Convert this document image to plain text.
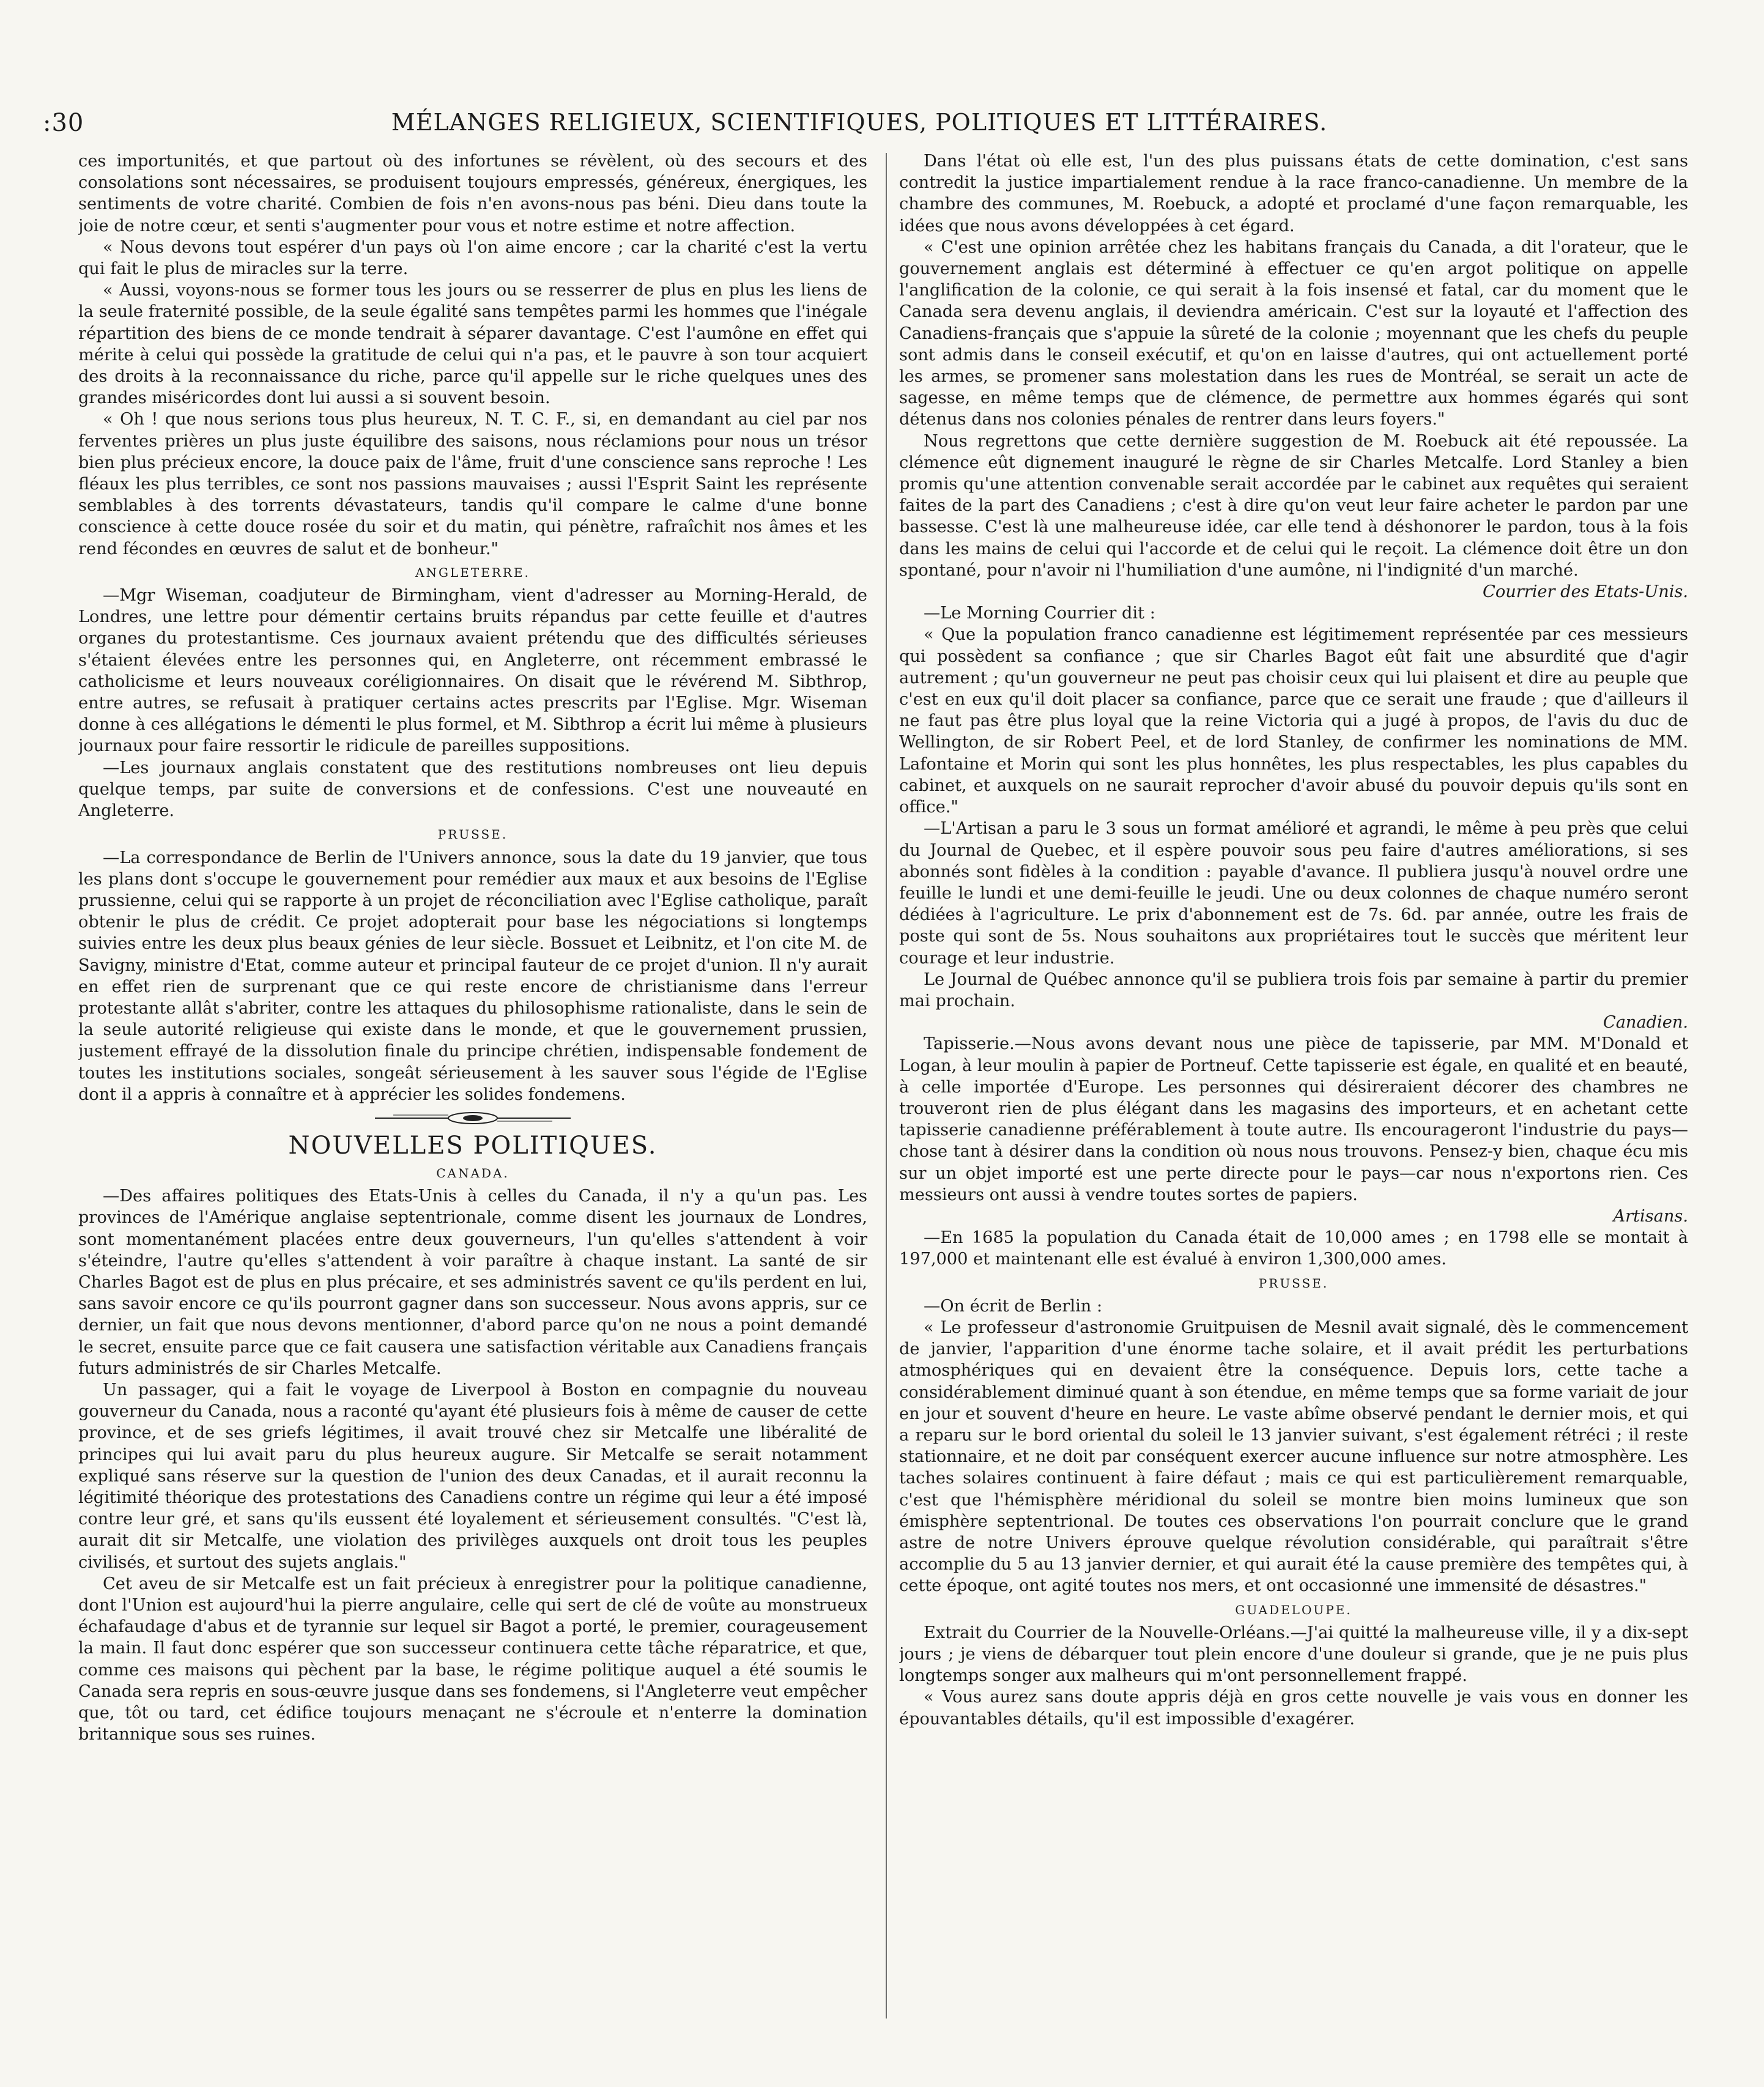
:30	MÉLANGES RELIGIEUX, SCIENTIFIQUES, POLITIQUES ET LITTÉRAIRES.

ces importunités, et que partout où des infortunes se révèlent, où des secours et des consolations sont nécessaires, se produisent toujours empressés, généreux, énergiques, les sentiments de votre charité. Combien de fois n'en avons-nous pas béni. Dieu dans toute la joie de notre cœur, et senti s'augmenter pour vous et notre estime et notre affection.

« Nous devons tout espérer d'un pays où l'on aime encore ; car la charité c'est la vertu qui fait le plus de miracles sur la terre.

« Aussi, voyons-nous se former tous les jours ou se resserrer de plus en plus les liens de la seule fraternité possible, de la seule égalité sans tempêtes parmi les hommes que l'inégale répartition des biens de ce monde tendrait à séparer davantage. C'est l'aumône en effet qui mérite à celui qui possède la gratitude de celui qui n'a pas, et le pauvre à son tour acquiert des droits à la reconnaissance du riche, parce qu'il appelle sur le riche quelques unes des grandes miséricordes dont lui aussi a si souvent besoin.

« Oh ! que nous serions tous plus heureux, N. T. C. F., si, en demandant au ciel par nos ferventes prières un plus juste équilibre des saisons, nous réclamions pour nous un trésor bien plus précieux encore, la douce paix de l'âme, fruit d'une conscience sans reproche ! Les fléaux les plus terribles, ce sont nos passions mauvaises ; aussi l'Esprit Saint les représente semblables à des torrents dévastateurs, tandis qu'il compare le calme d'une bonne conscience à cette douce rosée du soir et du matin, qui pénètre, rafraîchit nos âmes et les rend fécondes en œuvres de salut et de bonheur."

ANGLETERRE.

—Mgr Wiseman, coadjuteur de Birmingham, vient d'adresser au Morning-Herald, de Londres, une lettre pour démentir certains bruits répandus par cette feuille et d'autres organes du protestantisme. Ces journaux avaient prétendu que des difficultés sérieuses s'étaient élevées entre les personnes qui, en Angleterre, ont récemment embrassé le catholicisme et leurs nouveaux coréligionnaires. On disait que le révérend M. Sibthrop, entre autres, se refusait à pratiquer certains actes prescrits par l'Eglise. Mgr. Wiseman donne à ces allégations le démenti le plus formel, et M. Sibthrop a écrit lui même à plusieurs journaux pour faire ressortir le ridicule de pareilles suppositions.

—Les journaux anglais constatent que des restitutions nombreuses ont lieu depuis quelque temps, par suite de conversions et de confessions. C'est une nouveauté en Angleterre.

PRUSSE.

—La correspondance de Berlin de l'Univers annonce, sous la date du 19 janvier, que tous les plans dont s'occupe le gouvernement pour remédier aux maux et aux besoins de l'Eglise prussienne, celui qui se rapporte à un projet de réconciliation avec l'Eglise catholique, paraît obtenir le plus de crédit. Ce projet adopterait pour base les négociations si longtemps suivies entre les deux plus beaux génies de leur siècle. Bossuet et Leibnitz, et l'on cite M. de Savigny, ministre d'Etat, comme auteur et principal fauteur de ce projet d'union. Il n'y aurait en effet rien de surprenant que ce qui reste encore de christianisme dans l'erreur protestante allât s'abriter, contre les attaques du philosophisme rationaliste, dans le sein de la seule autorité religieuse qui existe dans le monde, et que le gouvernement prussien, justement effrayé de la dissolution finale du principe chrétien, indispensable fondement de toutes les institutions sociales, songeât sérieusement à les sauver sous l'égide de l'Eglise dont il a appris à connaître et à apprécier les solides fondemens.

NOUVELLES POLITIQUES.
CANADA.

—Des affaires politiques des Etats-Unis à celles du Canada, il n'y a qu'un pas. Les provinces de l'Amérique anglaise septentrionale, comme disent les journaux de Londres, sont momentanément placées entre deux gouverneurs, l'un qu'elles s'attendent à voir s'éteindre, l'autre qu'elles s'attendent à voir paraître à chaque instant. La santé de sir Charles Bagot est de plus en plus précaire, et ses administrés savent ce qu'ils perdent en lui, sans savoir encore ce qu'ils pourront gagner dans son successeur. Nous avons appris, sur ce dernier, un fait que nous devons mentionner, d'abord parce qu'on ne nous a point demandé le secret, ensuite parce que ce fait causera une satisfaction véritable aux Canadiens français futurs administrés de sir Charles Metcalfe.

Un passager, qui a fait le voyage de Liverpool à Boston en compagnie du nouveau gouverneur du Canada, nous a raconté qu'ayant été plusieurs fois à même de causer de cette province, et de ses griefs légitimes, il avait trouvé chez sir Metcalfe une libéralité de principes qui lui avait paru du plus heureux augure. Sir Metcalfe se serait notamment expliqué sans réserve sur la question de l'union des deux Canadas, et il aurait reconnu la légitimité théorique des protestations des Canadiens contre un régime qui leur a été imposé contre leur gré, et sans qu'ils eussent été loyalement et sérieusement consultés. "C'est là, aurait dit sir Metcalfe, une violation des privilèges auxquels ont droit tous les peuples civilisés, et surtout des sujets anglais."

Cet aveu de sir Metcalfe est un fait précieux à enregistrer pour la politique canadienne, dont l'Union est aujourd'hui la pierre angulaire, celle qui sert de clé de voûte au monstrueux échafaudage d'abus et de tyrannie sur lequel sir Bagot a porté, le premier, courageusement la main. Il faut donc espérer que son successeur continuera cette tâche réparatrice, et que, comme ces maisons qui pèchent par la base, le régime politique auquel a été soumis le Canada sera repris en sous-œuvre jusque dans ses fondemens, si l'Angleterre veut empêcher que, tôt ou tard, cet édifice toujours menaçant ne s'écroule et n'enterre la domination britannique sous ses ruines.

Dans l'état où elle est, l'un des plus puissans états de cette domination, c'est sans contredit la justice impartialement rendue à la race franco-canadienne. Un membre de la chambre des communes, M. Roebuck, a adopté et proclamé d'une façon remarquable, les idées que nous avons développées à cet égard.

« C'est une opinion arrêtée chez les habitans français du Canada, a dit l'orateur, que le gouvernement anglais est déterminé à effectuer ce qu'en argot politique on appelle l'anglification de la colonie, ce qui serait à la fois insensé et fatal, car du moment que le Canada sera devenu anglais, il deviendra américain. C'est sur la loyauté et l'affection des Canadiens-français que s'appuie la sûreté de la colonie ; moyennant que les chefs du peuple sont admis dans le conseil exécutif, et qu'on en laisse d'autres, qui ont actuellement porté les armes, se promener sans molestation dans les rues de Montréal, se serait un acte de sagesse, en même temps que de clémence, de permettre aux hommes égarés qui sont détenus dans nos colonies pénales de rentrer dans leurs foyers."

Nous regrettons que cette dernière suggestion de M. Roebuck ait été repoussée. La clémence eût dignement inauguré le règne de sir Charles Metcalfe. Lord Stanley a bien promis qu'une attention convenable serait accordée par le cabinet aux requêtes qui seraient faites de la part des Canadiens ; c'est à dire qu'on veut leur faire acheter le pardon par une bassesse. C'est là une malheureuse idée, car elle tend à déshonorer le pardon, tous à la fois dans les mains de celui qui l'accorde et de celui qui le reçoit. La clémence doit être un don spontané, pour n'avoir ni l'humiliation d'une aumône, ni l'indignité d'un marché.

Courrier des Etats-Unis.

—Le Morning Courrier dit :

« Que la population franco canadienne est légitimement représentée par ces messieurs qui possèdent sa confiance ; que sir Charles Bagot eût fait une absurdité que d'agir autrement ; qu'un gouverneur ne peut pas choisir ceux qui lui plaisent et dire au peuple que c'est en eux qu'il doit placer sa confiance, parce que ce serait une fraude ; que d'ailleurs il ne faut pas être plus loyal que la reine Victoria qui a jugé à propos, de l'avis du duc de Wellington, de sir Robert Peel, et de lord Stanley, de confirmer les nominations de MM. Lafontaine et Morin qui sont les plus honnêtes, les plus respectables, les plus capables du cabinet, et auxquels on ne saurait reprocher d'avoir abusé du pouvoir depuis qu'ils sont en office."

—L'Artisan a paru le 3 sous un format amélioré et agrandi, le même à peu près que celui du Journal de Quebec, et il espère pouvoir sous peu faire d'autres améliorations, si ses abonnés sont fidèles à la condition : payable d'avance. Il publiera jusqu'à nouvel ordre une feuille le lundi et une demi-feuille le jeudi. Une ou deux colonnes de chaque numéro seront dédiées à l'agriculture. Le prix d'abonnement est de 7s. 6d. par année, outre les frais de poste qui sont de 5s. Nous souhaitons aux propriétaires tout le succès que méritent leur courage et leur industrie.

Le Journal de Québec annonce qu'il se publiera trois fois par semaine à partir du premier mai prochain.

Canadien.

Tapisserie.—Nous avons devant nous une pièce de tapisserie, par MM. M'Donald et Logan, à leur moulin à papier de Portneuf. Cette tapisserie est égale, en qualité et en beauté, à celle importée d'Europe. Les personnes qui désireraient décorer des chambres ne trouveront rien de plus élégant dans les magasins des importeurs, et en achetant cette tapisserie canadienne préférablement à toute autre. Ils encourageront l'industrie du pays—chose tant à désirer dans la condition où nous nous trouvons. Pensez-y bien, chaque écu mis sur un objet importé est une perte directe pour le pays—car nous n'exportons rien. Ces messieurs ont aussi à vendre toutes sortes de papiers.

Artisans.

—En 1685 la population du Canada était de 10,000 ames ; en 1798 elle se montait à 197,000 et maintenant elle est évalué à environ 1,300,000 ames.

PRUSSE.

—On écrit de Berlin :

« Le professeur d'astronomie Gruitpuisen de Mesnil avait signalé, dès le commencement de janvier, l'apparition d'une énorme tache solaire, et il avait prédit les perturbations atmosphériques qui en devaient être la conséquence. Depuis lors, cette tache a considérablement diminué quant à son étendue, en même temps que sa forme variait de jour en jour et souvent d'heure en heure. Le vaste abîme observé pendant le dernier mois, et qui a reparu sur le bord oriental du soleil le 13 janvier suivant, s'est également rétréci ; il reste stationnaire, et ne doit par conséquent exercer aucune influence sur notre atmosphère. Les taches solaires continuent à faire défaut ; mais ce qui est particulièrement remarquable, c'est que l'hémisphère méridional du soleil se montre bien moins lumineux que son émisphère septentrional. De toutes ces observations l'on pourrait conclure que le grand astre de notre Univers éprouve quelque révolution considérable, qui paraîtrait s'être accomplie du 5 au 13 janvier dernier, et qui aurait été la cause première des tempêtes qui, à cette époque, ont agité toutes nos mers, et ont occasionné une immensité de désastres."

GUADELOUPE.

Extrait du Courrier de la Nouvelle-Orléans.—J'ai quitté la malheureuse ville, il y a dix-sept jours ; je viens de débarquer tout plein encore d'une douleur si grande, que je ne puis plus longtemps songer aux malheurs qui m'ont personnellement frappé.

« Vous aurez sans doute appris déjà en gros cette nouvelle je vais vous en donner les épouvantables détails, qu'il est impossible d'exagérer.
